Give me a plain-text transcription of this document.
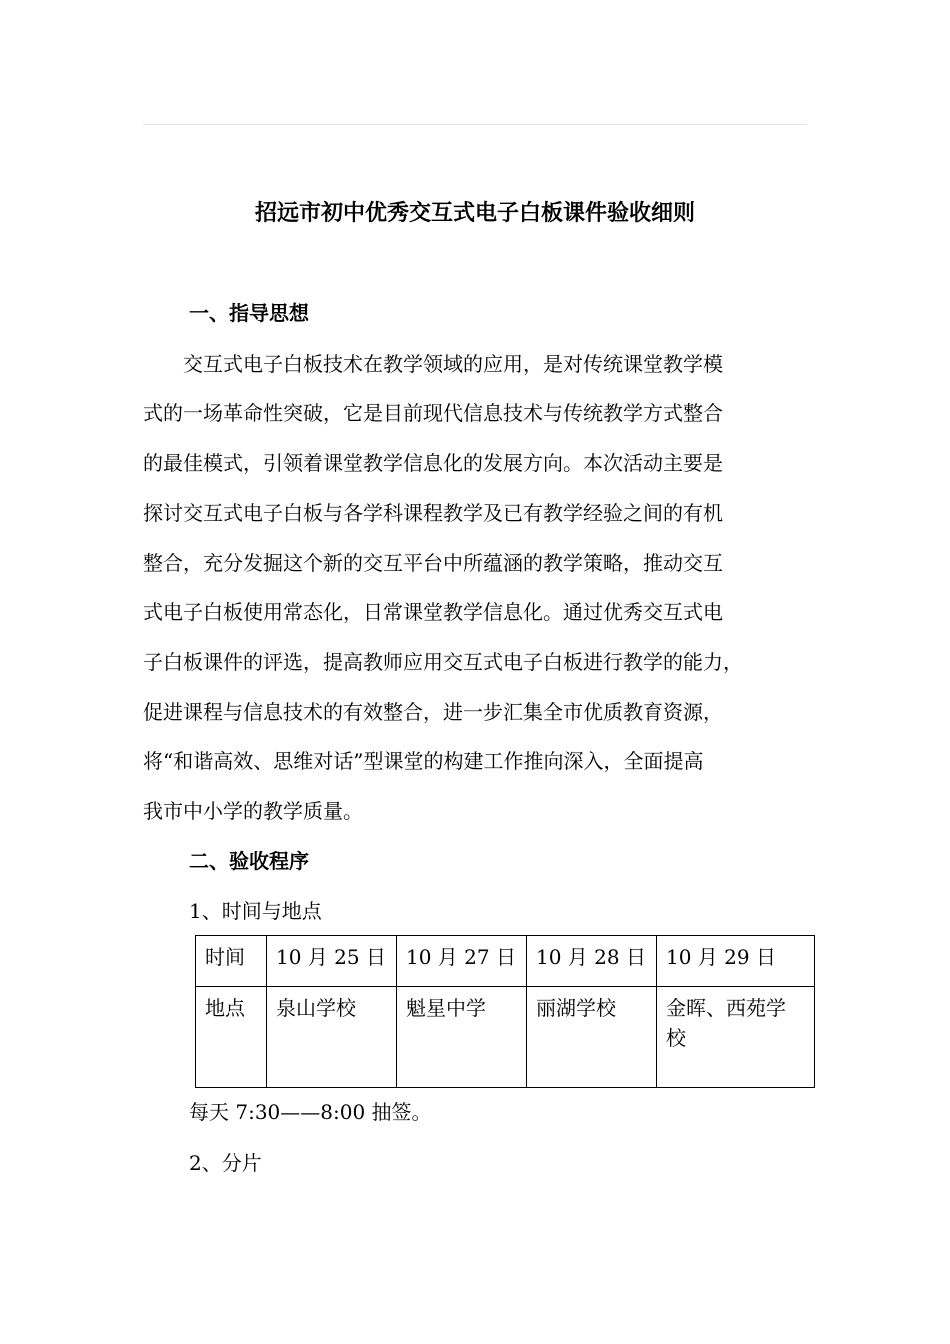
招远市初中优秀交互式电子白板课件验收细则
一、指导思想
　　交互式电子白板技术在教学领域的应用，是对传统课堂教学模
式的一场革命性突破，它是目前现代信息技术与传统教学方式整合
的最佳模式，引领着课堂教学信息化的发展方向。本次活动主要是
探讨交互式电子白板与各学科课程教学及已有教学经验之间的有机
整合，充分发掘这个新的交互平台中所蕴涵的教学策略，推动交互
式电子白板使用常态化，日常课堂教学信息化。通过优秀交互式电
子白板课件的评选，提高教师应用交互式电子白板进行教学的能力，
促进课程与信息技术的有效整合，进一步汇集全市优质教育资源，
将“和谐高效、思维对话”型课堂的构建工作推向深入，全面提高
我市中小学的教学质量。
二、验收程序
1、时间与地点
时间	10 月 25 日	10 月 27 日	10 月 28 日	10 月 29 日
地点	泉山学校	魁星中学	丽湖学校	金晖、西苑学校
每天 7:30——8:00 抽签。
2、分片
